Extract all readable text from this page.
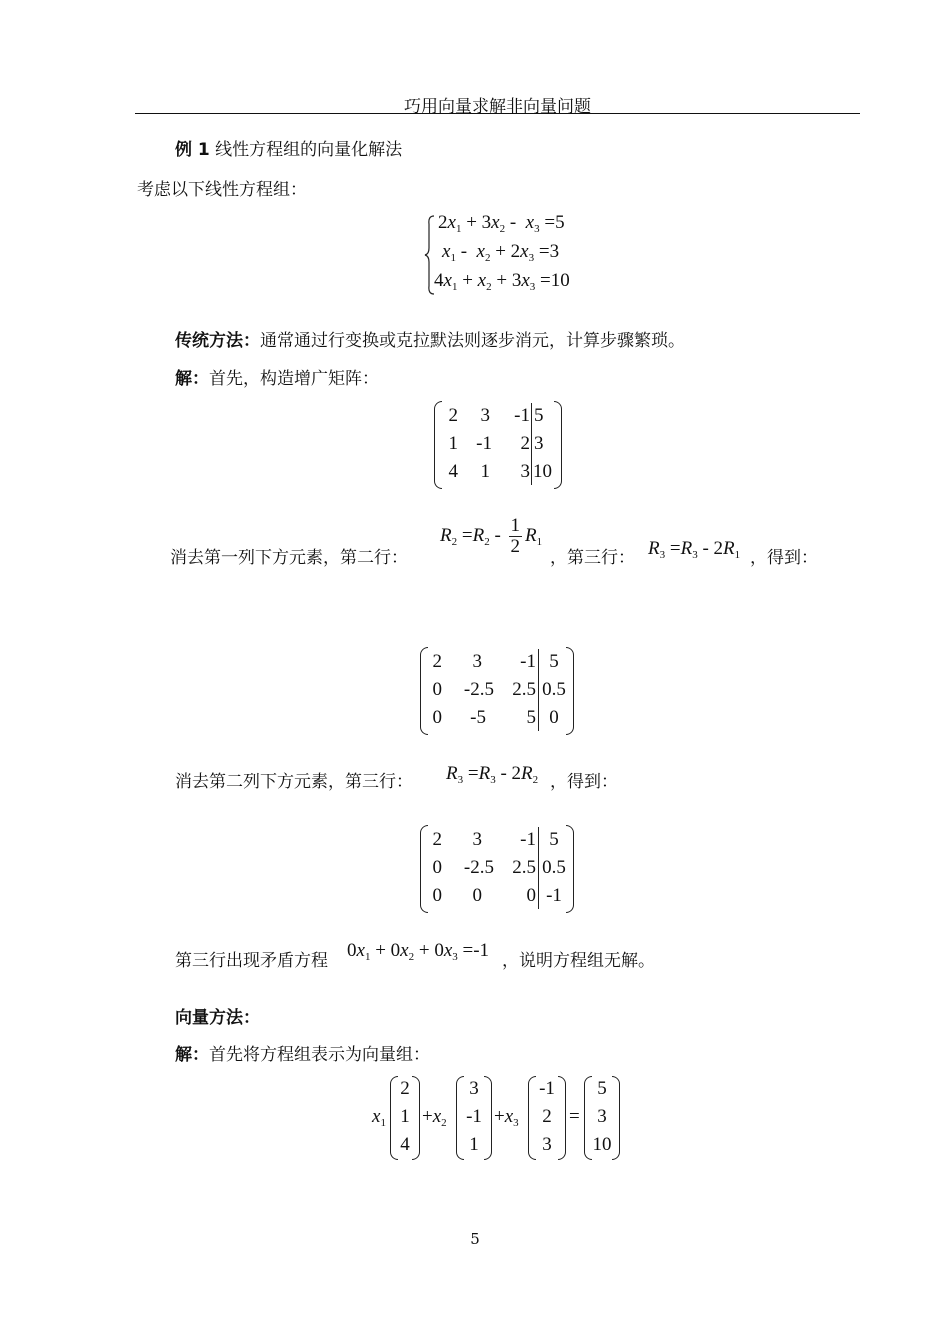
巧用向量求解非向量问题
例 1 线性方程组的向量化解法
考虑以下线性方程组：
$2x_1 + 3x_2 - x_3 =5$
$x_1 - x_2 + 2x_3 =3$
$4x_1 + x_2 + 3x_3 =10$
传统方法：通常通过行变换或克拉默法则逐步消元，计算步骤繁琐。
解：首先，构造增广矩阵：
2	3	-1 5
1 -1	2 3
4	1	3 10
消去第一列下方元素，第二行：
$R_2 =R_2 - \frac{1}{2} R_1$
，第三行： $R_3 =R_3 - 2R_1$ ，得到：
2	3	-1 5
0	-2.5 2.5 0.5
0	-5	5 0
消去第二列下方元素，第三行： $R_3 =R_3 - 2R_2$ ，得到：
2	3	-1 5
0	-2.5 2.5 0.5
0	0	0 -1
第三行出现矛盾方程 $0x_1 + 0x_2 + 0x_3 =-1$ ，说明方程组无解。
向量方法：
解：首先将方程组表示为向量组：
$x_1$
2
1
4
$+x_2$
3
-1
1
$+x_3$
-1
2
3
=
5
3
10
5
